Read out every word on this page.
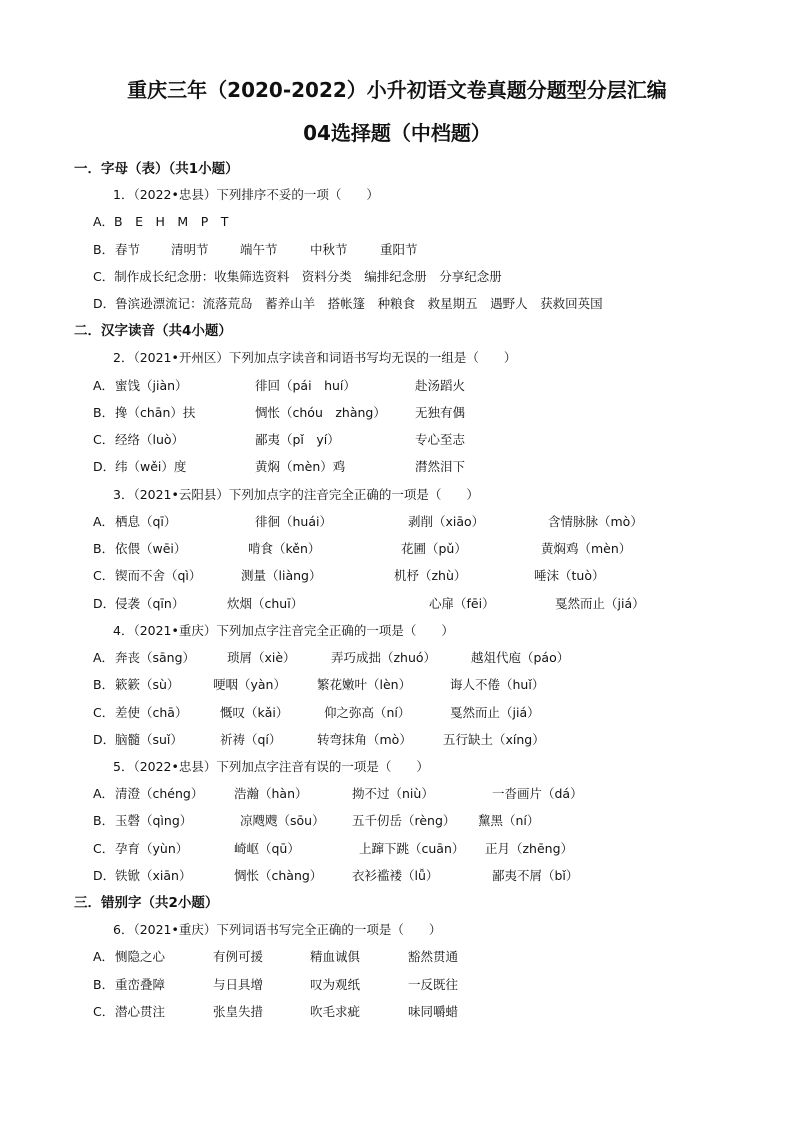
重庆三年（2020-2022）小升初语文卷真题分题型分层汇编
04选择题（中档题）
一．字母（表）（共1小题）
1．（2022•忠县）下列排序不妥的一项（　　）
A．B　E　H　M　P　T
B． 春节 清明节	端午节	中秋节	重阳节
C．制作成长纪念册：收集筛选资料　资料分类　编排纪念册　分享纪念册
D．鲁滨逊漂流记：流落荒岛　蓄养山羊　搭帐篷　种粮食　救星期五　遇野人　获救回英国
二．汉字读音（共4小题）
2．（2021•开州区）下列加点字读音和词语书写均无误的一组是（　　）
A． 蜜饯（jiàn）	徘回（pái　huí）	赴汤蹈火
B． 搀（chān）扶	惆怅（chóu　zhàng） 无独有偶
C． 经络（luò）	鄙夷（pǐ　yí）	专心至志
D． 纬（wěi）度	黄焖（mèn）鸡	潸然泪下
3．（2021•云阳县）下列加点字的注音完全正确的一项是（　　）
A． 栖息（qī）	徘徊（huái）	剥削（xiāo）	含情脉脉（mò）
B． 依偎（wēi）	啃食（kěn）	花圃（pǔ）	黄焖鸡（mèn）
C． 锲而不舍（qì）	测量（liàng）	机杼（zhù）	唾沫（tuò）
D． 侵袭（qīn）	炊烟（chuī）	心扉（fēi）	戛然而止（jiá）
4．（2021•重庆）下列加点字注音完全正确的一项是（　　）
A． 奔丧（sāng）	琐屑（xiè）	弄巧成拙（zhuó）	越俎代庖（páo）
B． 簌簌（sù）	哽咽（yàn） 繁花嫩叶（lèn）	诲人不倦（huǐ）
C． 差使（chā）	慨叹（kǎi）	仰之弥高（ní）	戛然而止（jiá）
D． 脑髓（suǐ）	祈祷（qí）	转弯抹角（mò） 五行缺土（xíng）
5．（2022•忠县）下列加点字注音有误的一项是（　　）
A． 清澄（chéng） 浩瀚（hàn）	拗不过（niù）	一沓画片（dá）
B． 玉磬（qìng）	凉飕飕（sōu） 五千仞岳（rèng） 黧黑（ní）
C． 孕育（yùn）	崎岖（qū）	上蹿下跳（cuān） 正月（zhēng）
D． 铁锨（xiān）	惆怅（chàng） 衣衫褴褛（lǚ）	鄙夷不屑（bǐ）
三．错别字（共2小题）
6．（2021•重庆）下列词语书写完全正确的一项是（　　）
A． 恻隐之心	有例可援	精血诚俱	豁然贯通
B． 重峦叠障	与日具增	叹为观纸	一反既往
C． 潜心贯注	张皇失措	吹毛求疵	味同嚼蜡
